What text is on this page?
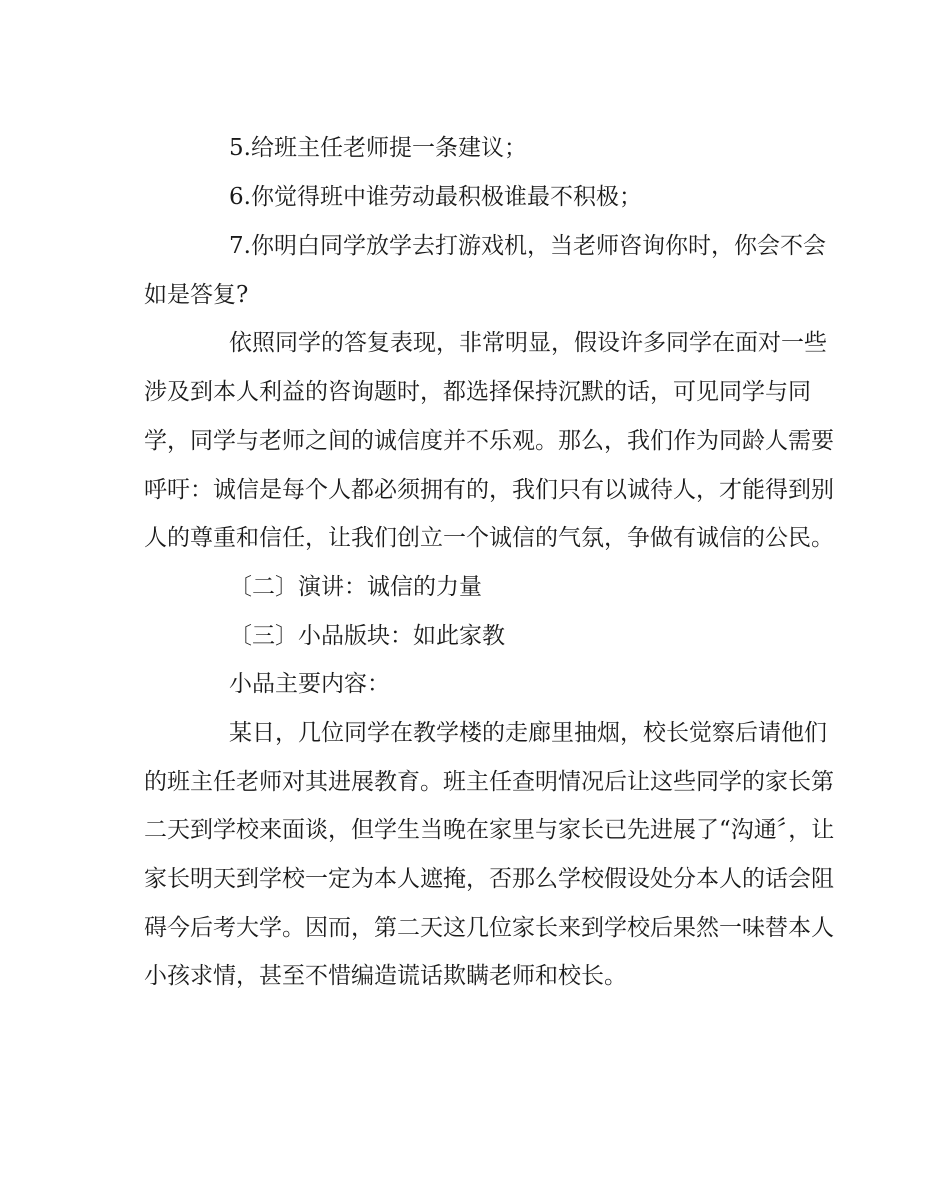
5.给班主任老师提一条建议；

6.你觉得班中谁劳动最积极谁最不积极；

7.你明白同学放学去打游戏机，当老师咨询你时，你会不会

如是答复?

依照同学的答复表现，非常明显，假设许多同学在面对一些

涉及到本人利益的咨询题时，都选择保持沉默的话，可见同学与同

学，同学与老师之间的诚信度并不乐观。那么，我们作为同龄人需要

呼吁：诚信是每个人都必须拥有的，我们只有以诚待人，才能得到别

人的尊重和信任，让我们创立一个诚信的气氛，争做有诚信的公民。

〔二〕演讲：诚信的力量

〔三〕小品版块：如此家教

小品主要内容：

某日，几位同学在教学楼的走廊里抽烟，校长觉察后请他们

的班主任老师对其进展教育。班主任查明情况后让这些同学的家长第

二天到学校来面谈，但学生当晚在家里与家长已先进展了“沟通〞，让

家长明天到学校一定为本人遮掩，否那么学校假设处分本人的话会阻

碍今后考大学。因而，第二天这几位家长来到学校后果然一味替本人

小孩求情，甚至不惜编造谎话欺瞒老师和校长。
